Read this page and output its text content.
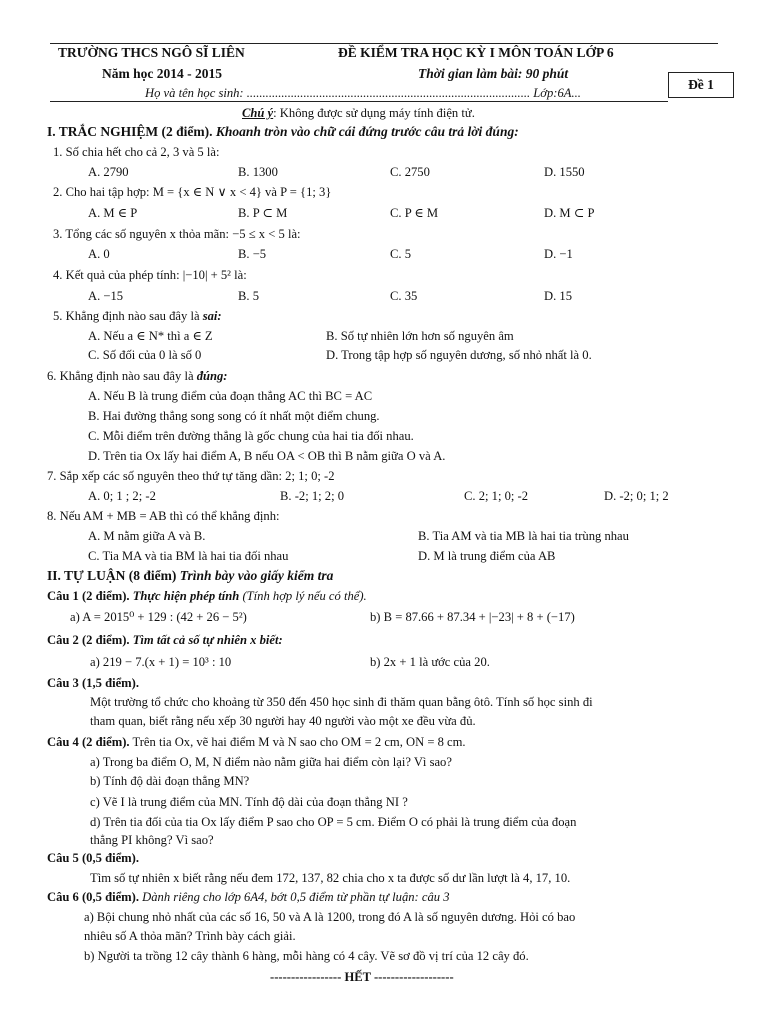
TRƯỜNG THCS NGÔ SĨ LIÊN	ĐỀ KIỂM TRA HỌC KỲ I MÔN TOÁN LỚP 6
Năm học 2014 - 2015	Thời gian làm bài: 90 phút
Đề 1
Họ và tên học sinh: .......................................................................................... Lớp:6A...
Chú ý: Không được sử dụng máy tính điện tử.
I. TRẮC NGHIỆM (2 điểm). Khoanh tròn vào chữ cái đứng trước câu trả lời đúng:
1. Số chia hết cho cả 2, 3 và 5 là:
A. 2790	B. 1300	C. 2750	D. 1550
2. Cho hai tập hợp: M = {x ∈ N ∨ x < 4} và P = {1; 3}
A. M ∈ P	B. P ⊂ M	C. P ∈ M	D. M ⊂ P
3. Tổng các số nguyên x thỏa mãn: −5 ≤ x < 5 là:
A. 0	B. −5	C. 5	D. −1
4. Kết quả của phép tính: |−10| + 5² là:
A. −15	B. 5	C. 35	D. 15
5. Khẳng định nào sau đây là sai:
A. Nếu a ∈ N* thì a ∈ Z	B. Số tự nhiên lớn hơn số nguyên âm
C. Số đối của 0 là số 0	D. Trong tập hợp số nguyên dương, số nhỏ nhất là 0.
6. Khẳng định nào sau đây là đúng:
A. Nếu B là trung điểm của đoạn thẳng AC thì BC = AC
B. Hai đường thẳng song song có ít nhất một điểm chung.
C. Mỗi điểm trên đường thẳng là gốc chung của hai tia đối nhau.
D. Trên tia Ox lấy hai điểm A, B nếu OA < OB thì B nằm giữa O và A.
7. Sắp xếp các số nguyên theo thứ tự tăng dần: 2; 1; 0; -2
A. 0; 1 ; 2; -2	B. -2; 1; 2; 0	C. 2; 1; 0; -2	D. -2; 0; 1; 2
8. Nếu AM + MB = AB thì có thể khẳng định:
A. M nằm giữa A và B.	B. Tia AM và tia MB là hai tia trùng nhau
C. Tia MA và tia BM là hai tia đối nhau	D. M là trung điểm của AB
II. TỰ LUẬN (8 điểm) Trình bày vào giấy kiểm tra
Câu 1 (2 điểm). Thực hiện phép tính (Tính hợp lý nếu có thể).
a) A = 2015⁰ + 129 : (42 + 26 − 5²)	b) B = 87.66 + 87.34 + |−23| + 8 + (−17)
Câu 2 (2 điểm). Tìm tất cả số tự nhiên x biết:
a) 219 − 7.(x + 1) = 10³ : 10	b) 2x + 1 là ước của 20.
Câu 3 (1,5 điểm).
Một trường tổ chức cho khoảng từ 350 đến 450 học sinh đi thăm quan bằng ôtô. Tính số học sinh đi
tham quan, biết rằng nếu xếp 30 người hay 40 người vào một xe đều vừa đủ.
Câu 4 (2 điểm). Trên tia Ox, vẽ hai điểm M và N sao cho OM = 2 cm, ON = 8 cm.
a) Trong ba điểm O, M, N điểm nào nằm giữa hai điểm còn lại? Vì sao?
b) Tính độ dài đoạn thẳng MN?
c) Vẽ I là trung điểm của MN. Tính độ dài của đoạn thẳng NI ?
d) Trên tia đối của tia Ox lấy điểm P sao cho OP = 5 cm. Điểm O có phải là trung điểm của đoạn
thẳng PI không? Vì sao?
Câu 5 (0,5 điểm).
Tìm số tự nhiên x biết rằng nếu đem 172, 137, 82 chia cho x ta được số dư lần lượt là 4, 17, 10.
Câu 6 (0,5 điểm). Dành riêng cho lớp 6A4, bớt 0,5 điểm từ phần tự luận: câu 3
a) Bội chung nhỏ nhất của các số 16, 50 và A là 1200, trong đó A là số nguyên dương. Hỏi có bao
nhiêu số A thỏa mãn? Trình bày cách giải.
b) Người ta trồng 12 cây thành 6 hàng, mỗi hàng có 4 cây. Vẽ sơ đồ vị trí của 12 cây đó.
----------------- HẾT -------------------
